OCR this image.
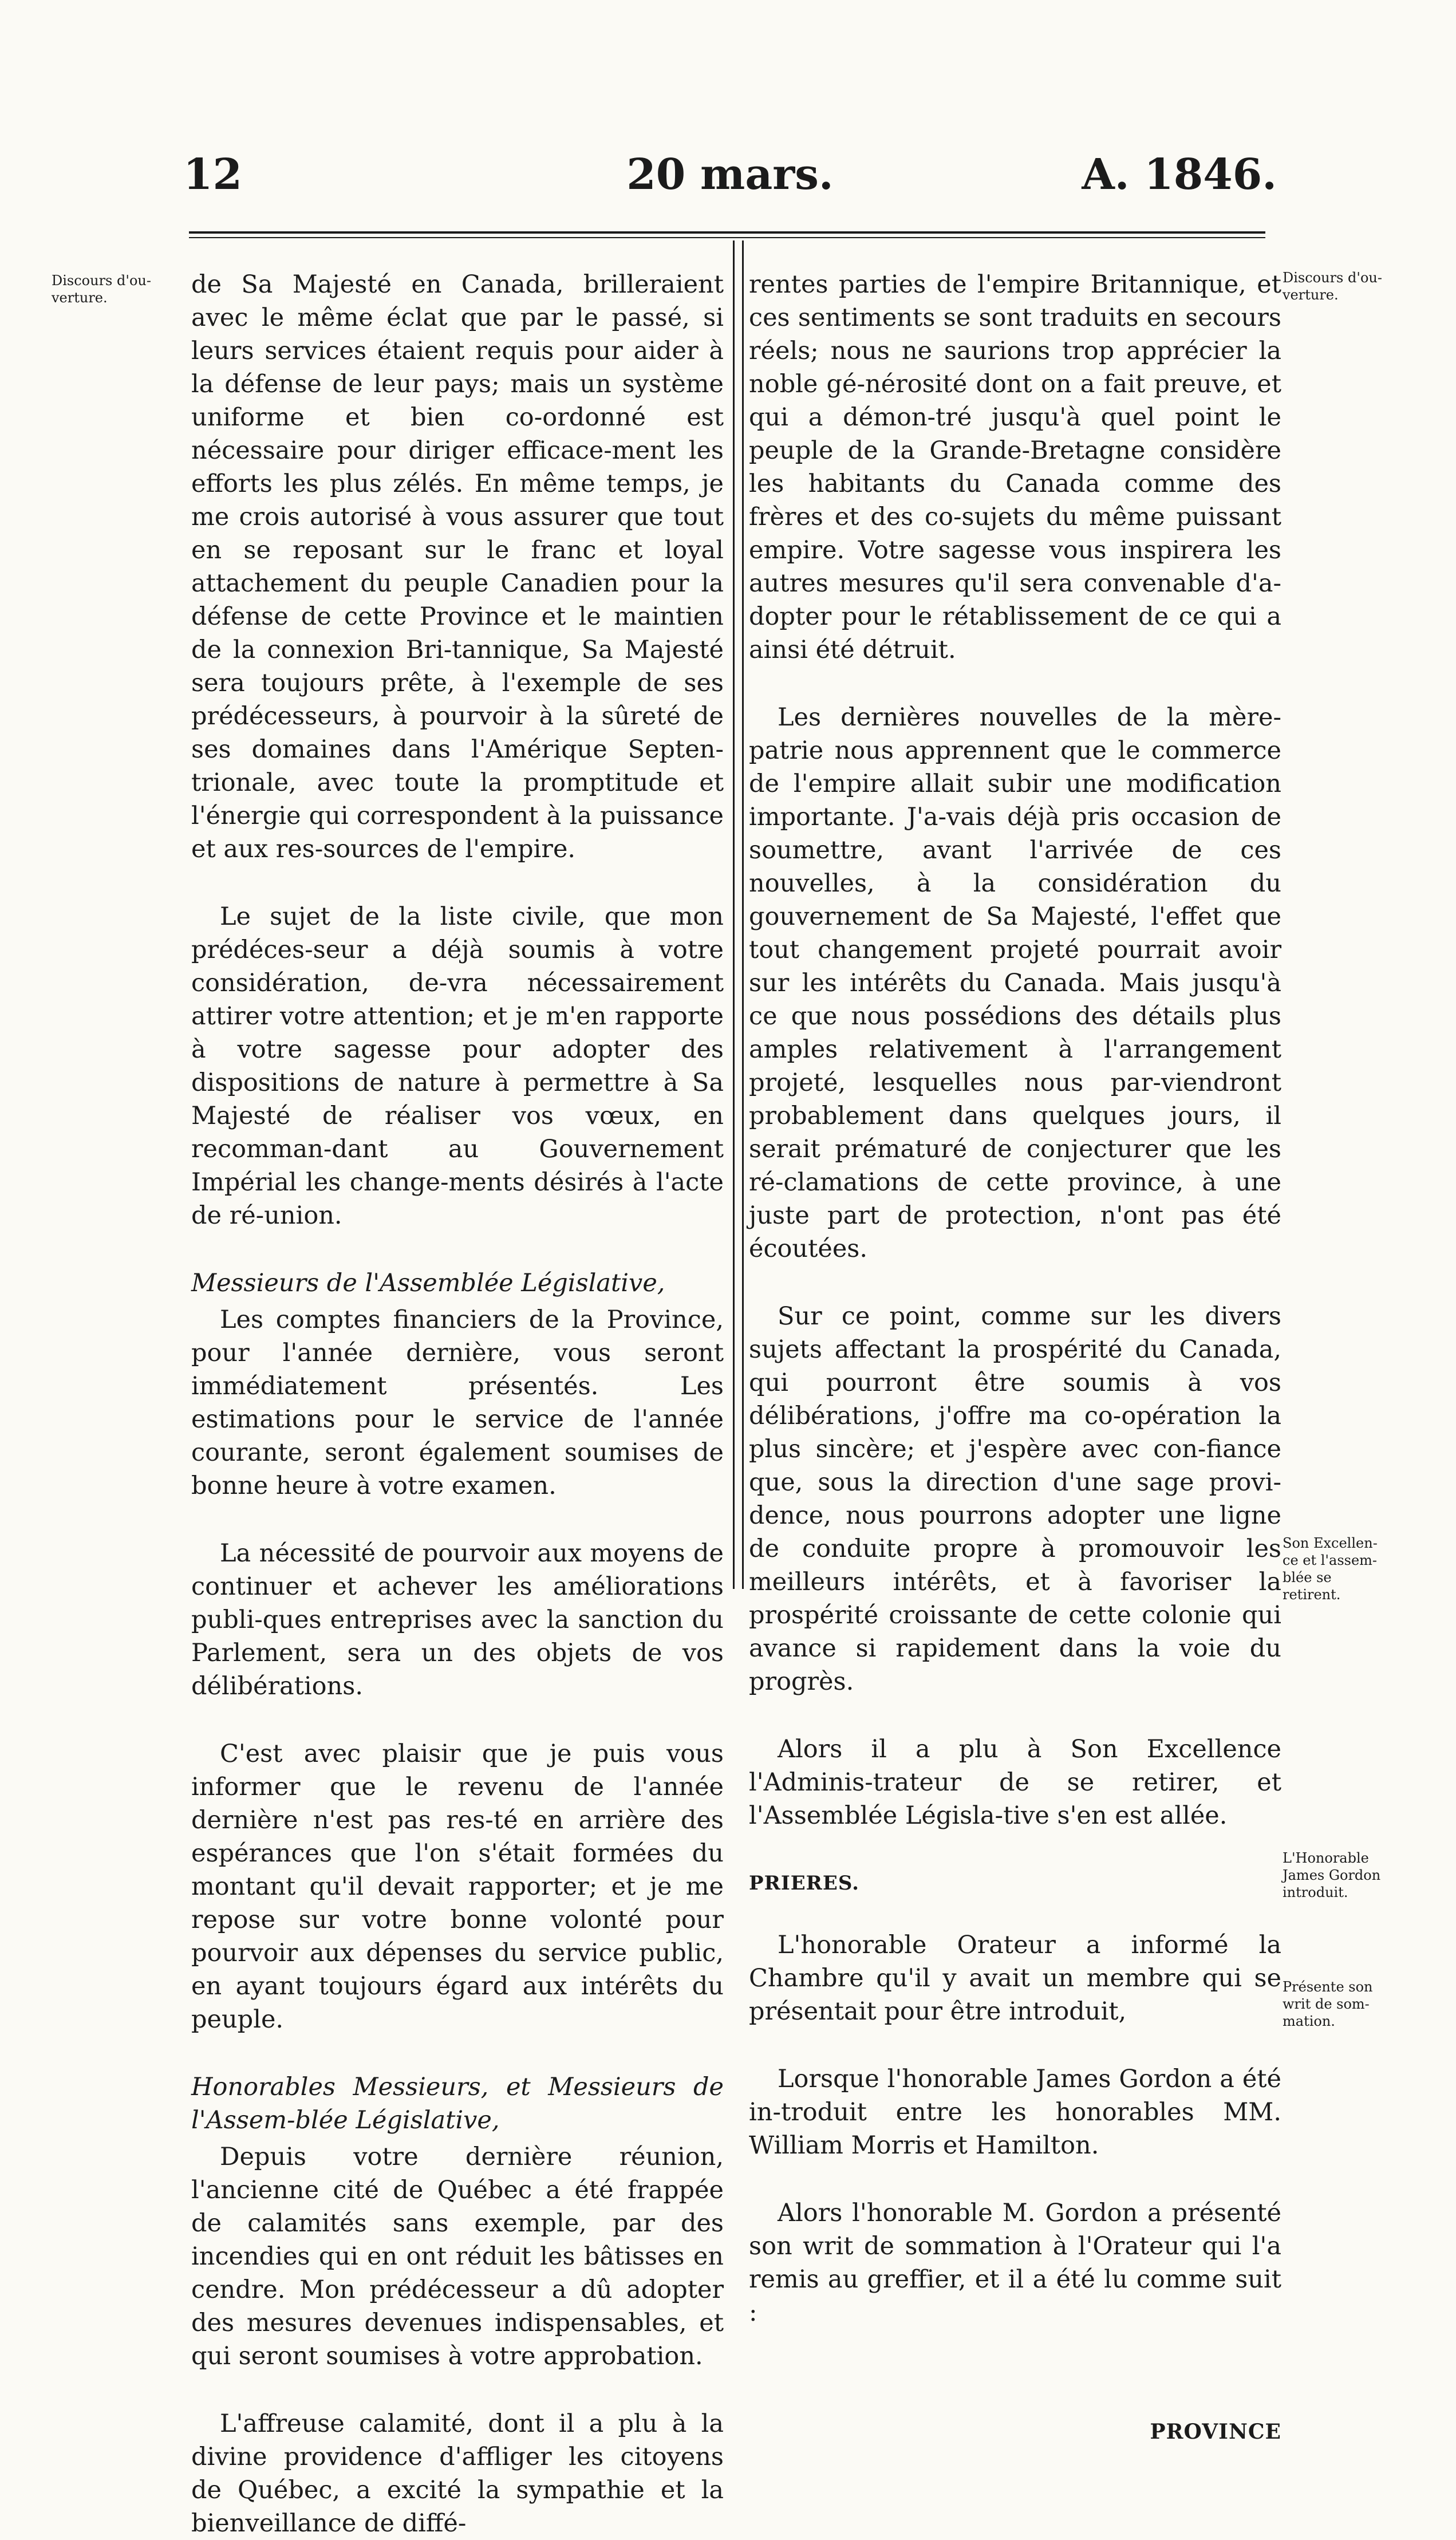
12	20 mars.	A. 1846.
Discours d'ou-verture.
Discours d'ou-verture.
Son Excellen-ce et l'assem-blée se retirent.
L'Honorable James Gordon introduit.
Présente son writ de som-mation.

de Sa Majesté en Canada, brilleraient avec le même éclat que par le passé, si leurs services étaient requis pour aider à la défense de leur pays; mais un système uniforme et bien co-ordonné est nécessaire pour diriger efficace-ment les efforts les plus zélés. En même temps, je me crois autorisé à vous assurer que tout en se reposant sur le franc et loyal attachement du peuple Canadien pour la défense de cette Province et le maintien de la connexion Bri-tannique, Sa Majesté sera toujours prête, à l'exemple de ses prédécesseurs, à pourvoir à la sûreté de ses domaines dans l'Amérique Septen-trionale, avec toute la promptitude et l'énergie qui correspondent à la puissance et aux res-sources de l'empire.

Le sujet de la liste civile, que mon prédéces-seur a déjà soumis à votre considération, de-vra nécessairement attirer votre attention; et je m'en rapporte à votre sagesse pour adopter des dispositions de nature à permettre à Sa Majesté de réaliser vos vœux, en recomman-dant au Gouvernement Impérial les change-ments désirés à l'acte de ré-union.

Messieurs de l'Assemblée Législative,

Les comptes financiers de la Province, pour l'année dernière, vous seront immédiatement présentés. Les estimations pour le service de l'année courante, seront également soumises de bonne heure à votre examen.

La nécessité de pourvoir aux moyens de continuer et achever les améliorations publi-ques entreprises avec la sanction du Parlement, sera un des objets de vos délibérations.

C'est avec plaisir que je puis vous informer que le revenu de l'année dernière n'est pas res-té en arrière des espérances que l'on s'était formées du montant qu'il devait rapporter; et je me repose sur votre bonne volonté pour pourvoir aux dépenses du service public, en ayant toujours égard aux intérêts du peuple.

Honorables Messieurs, et Messieurs de l'Assem-blée Législative,

Depuis votre dernière réunion, l'ancienne cité de Québec a été frappée de calamités sans exemple, par des incendies qui en ont réduit les bâtisses en cendre. Mon prédécesseur a dû adopter des mesures devenues indispensables, et qui seront soumises à votre approbation.

L'affreuse calamité, dont il a plu à la divine providence d'affliger les citoyens de Québec, a excité la sympathie et la bienveillance de diffé-

rentes parties de l'empire Britannique, et ces sentiments se sont traduits en secours réels; nous ne saurions trop apprécier la noble gé-nérosité dont on a fait preuve, et qui a démon-tré jusqu'à quel point le peuple de la Grande-Bretagne considère les habitants du Canada comme des frères et des co-sujets du même puissant empire. Votre sagesse vous inspirera les autres mesures qu'il sera convenable d'a-dopter pour le rétablissement de ce qui a ainsi été détruit.

Les dernières nouvelles de la mère-patrie nous apprennent que le commerce de l'empire allait subir une modification importante. J'a-vais déjà pris occasion de soumettre, avant l'arrivée de ces nouvelles, à la considération du gouvernement de Sa Majesté, l'effet que tout changement projeté pourrait avoir sur les intérêts du Canada. Mais jusqu'à ce que nous possédions des détails plus amples relativement à l'arrangement projeté, lesquelles nous par-viendront probablement dans quelques jours, il serait prématuré de conjecturer que les ré-clamations de cette province, à une juste part de protection, n'ont pas été écoutées.

Sur ce point, comme sur les divers sujets affectant la prospérité du Canada, qui pourront être soumis à vos délibérations, j'offre ma co-opération la plus sincère; et j'espère avec con-fiance que, sous la direction d'une sage provi-dence, nous pourrons adopter une ligne de conduite propre à promouvoir les meilleurs intérêts, et à favoriser la prospérité croissante de cette colonie qui avance si rapidement dans la voie du progrès.

Alors il a plu à Son Excellence l'Adminis-trateur de se retirer, et l'Assemblée Législa-tive s'en est allée.

PRIERES.

L'honorable Orateur a informé la Chambre qu'il y avait un membre qui se présentait pour être introduit,

Lorsque l'honorable James Gordon a été in-troduit entre les honorables MM. William Morris et Hamilton.

Alors l'honorable M. Gordon a présenté son writ de sommation à l'Orateur qui l'a remis au greffier, et il a été lu comme suit :

PROVINCE
